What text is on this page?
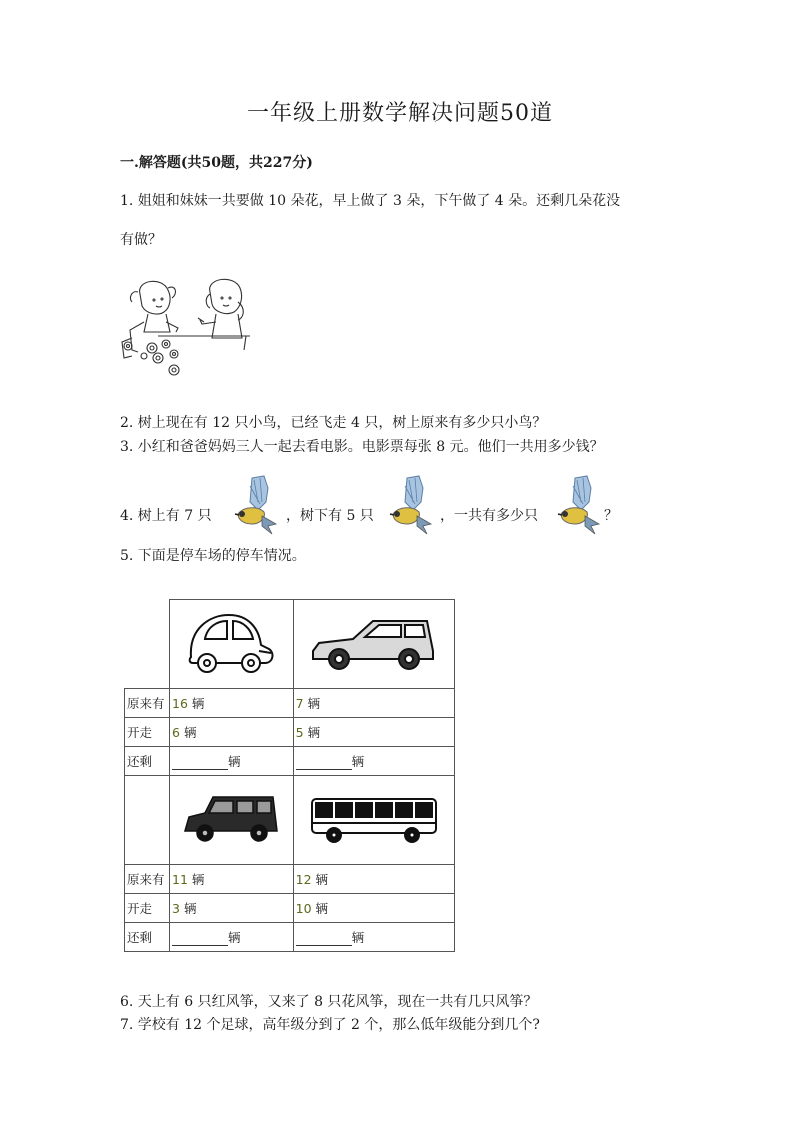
一年级上册数学解决问题50道
一.解答题(共50题，共227分)
1. 姐姐和妹妹一共要做 10 朵花，早上做了 3 朵，下午做了 4 朵。还剩几朵花没
有做？
2. 树上现在有 12 只小鸟，已经飞走 4 只，树上原来有多少只小鸟？
3. 小红和爸爸妈妈三人一起去看电影。电影票每张 8 元。他们一共用多少钱？
4. 树上有 7 只	，树下有 5 只	，一共有多少只	？
5. 下面是停车场的停车情况。

原来有	16 辆	7 辆
开走	6 辆	5 辆
还剩	辆	辆

原来有	11 辆	12 辆
开走	3 辆	10 辆
还剩	辆	辆
6. 天上有 6 只红风筝，又来了 8 只花风筝，现在一共有几只风筝？
7. 学校有 12 个足球，高年级分到了 2 个，那么低年级能分到几个?
